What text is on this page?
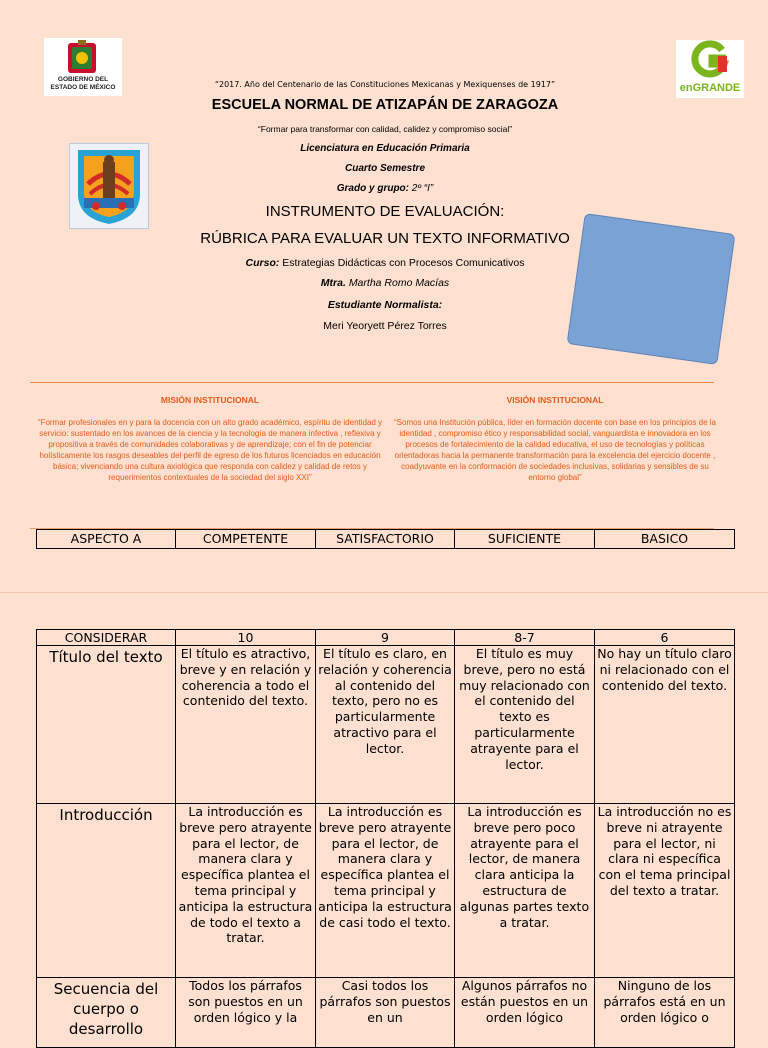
GOBIERNO DEL ESTADO DE MÉXICO	enGRANDE
“2017. Año del Centenario de las Constituciones Mexicanas y Mexiquenses de 1917”
ESCUELA NORMAL DE ATIZAPÁN DE ZARAGOZA
“Formar para transformar con calidad, calidez y compromiso social”
Licenciatura en Educación Primaria
Cuarto Semestre
Grado y grupo: 2º “I”
INSTRUMENTO DE EVALUACIÓN:
RÚBRICA PARA EVALUAR UN TEXTO INFORMATIVO
Curso: Estrategias Didácticas con Procesos Comunicativos
Mtra. Martha Romo Macías
Estudiante Normalista:
Meri Yeoryett Pérez Torres
MISIÓN INSTITUCIONAL
“Formar profesionales en y para la docencia con un alto grado académico, espíritu de identidad y servicio: sustentado en los avances de la ciencia y la tecnología de manera infectiva , reflexiva y propositiva a través de comunidades colaborativas y de aprendizaje; con el fin de potenciar holísticamente los rasgos deseables del perfil de egreso de los futuros licenciados en educación básica; vivenciando una cultura axiológica que responda con calidez y calidad de retos y requerimientos contextuales de la sociedad del siglo XXI”
VISIÓN INSTITUCIONAL
“Somos una Institución pública, líder en formación docente con base en los principios de la identidad , compromiso ético y responsabilidad social, vanguardista e innovadora en los procesos de fortalecimiento de la calidad educativa, el uso de tecnologías y políticas orientadoras hacia la permanente transformación para la excelencia del ejercicio docente , coadyuvante en la conformación de sociedades inclusivas, solidarias y sensibles de su entorno global”
ASPECTO A	COMPETENTE	SATISFACTORIO	SUFICIENTE	BASICO
CONSIDERAR	10	9	8-7	6
Título del texto	El título es atractivo, breve y en relación y coherencia a todo el contenido del texto.	El título es claro, en relación y coherencia al contenido del texto, pero no es particularmente atractivo para el lector.	El título es muy breve, pero no está muy relacionado con el contenido del texto es particularmente atrayente para el lector.	No hay un título claro ni relacionado con el contenido del texto.
Introducción	La introducción es breve pero atrayente para el lector, de manera clara y específica plantea el tema principal y anticipa la estructura de todo el texto a tratar.	La introducción es breve pero atrayente para el lector, de manera clara y específica plantea el tema principal y anticipa la estructura de casi todo el texto.	La introducción es breve pero poco atrayente para el lector, de manera clara anticipa la estructura de algunas partes texto a tratar.	La introducción no es breve ni atrayente para el lector, ni clara ni específica con el tema principal del texto a tratar.
Secuencia del cuerpo o desarrollo	Todos los párrafos son puestos en un orden lógico y la	Casi todos los párrafos son puestos en un	Algunos párrafos no están puestos en un orden lógico	Ninguno de los párrafos está en un orden lógico o
